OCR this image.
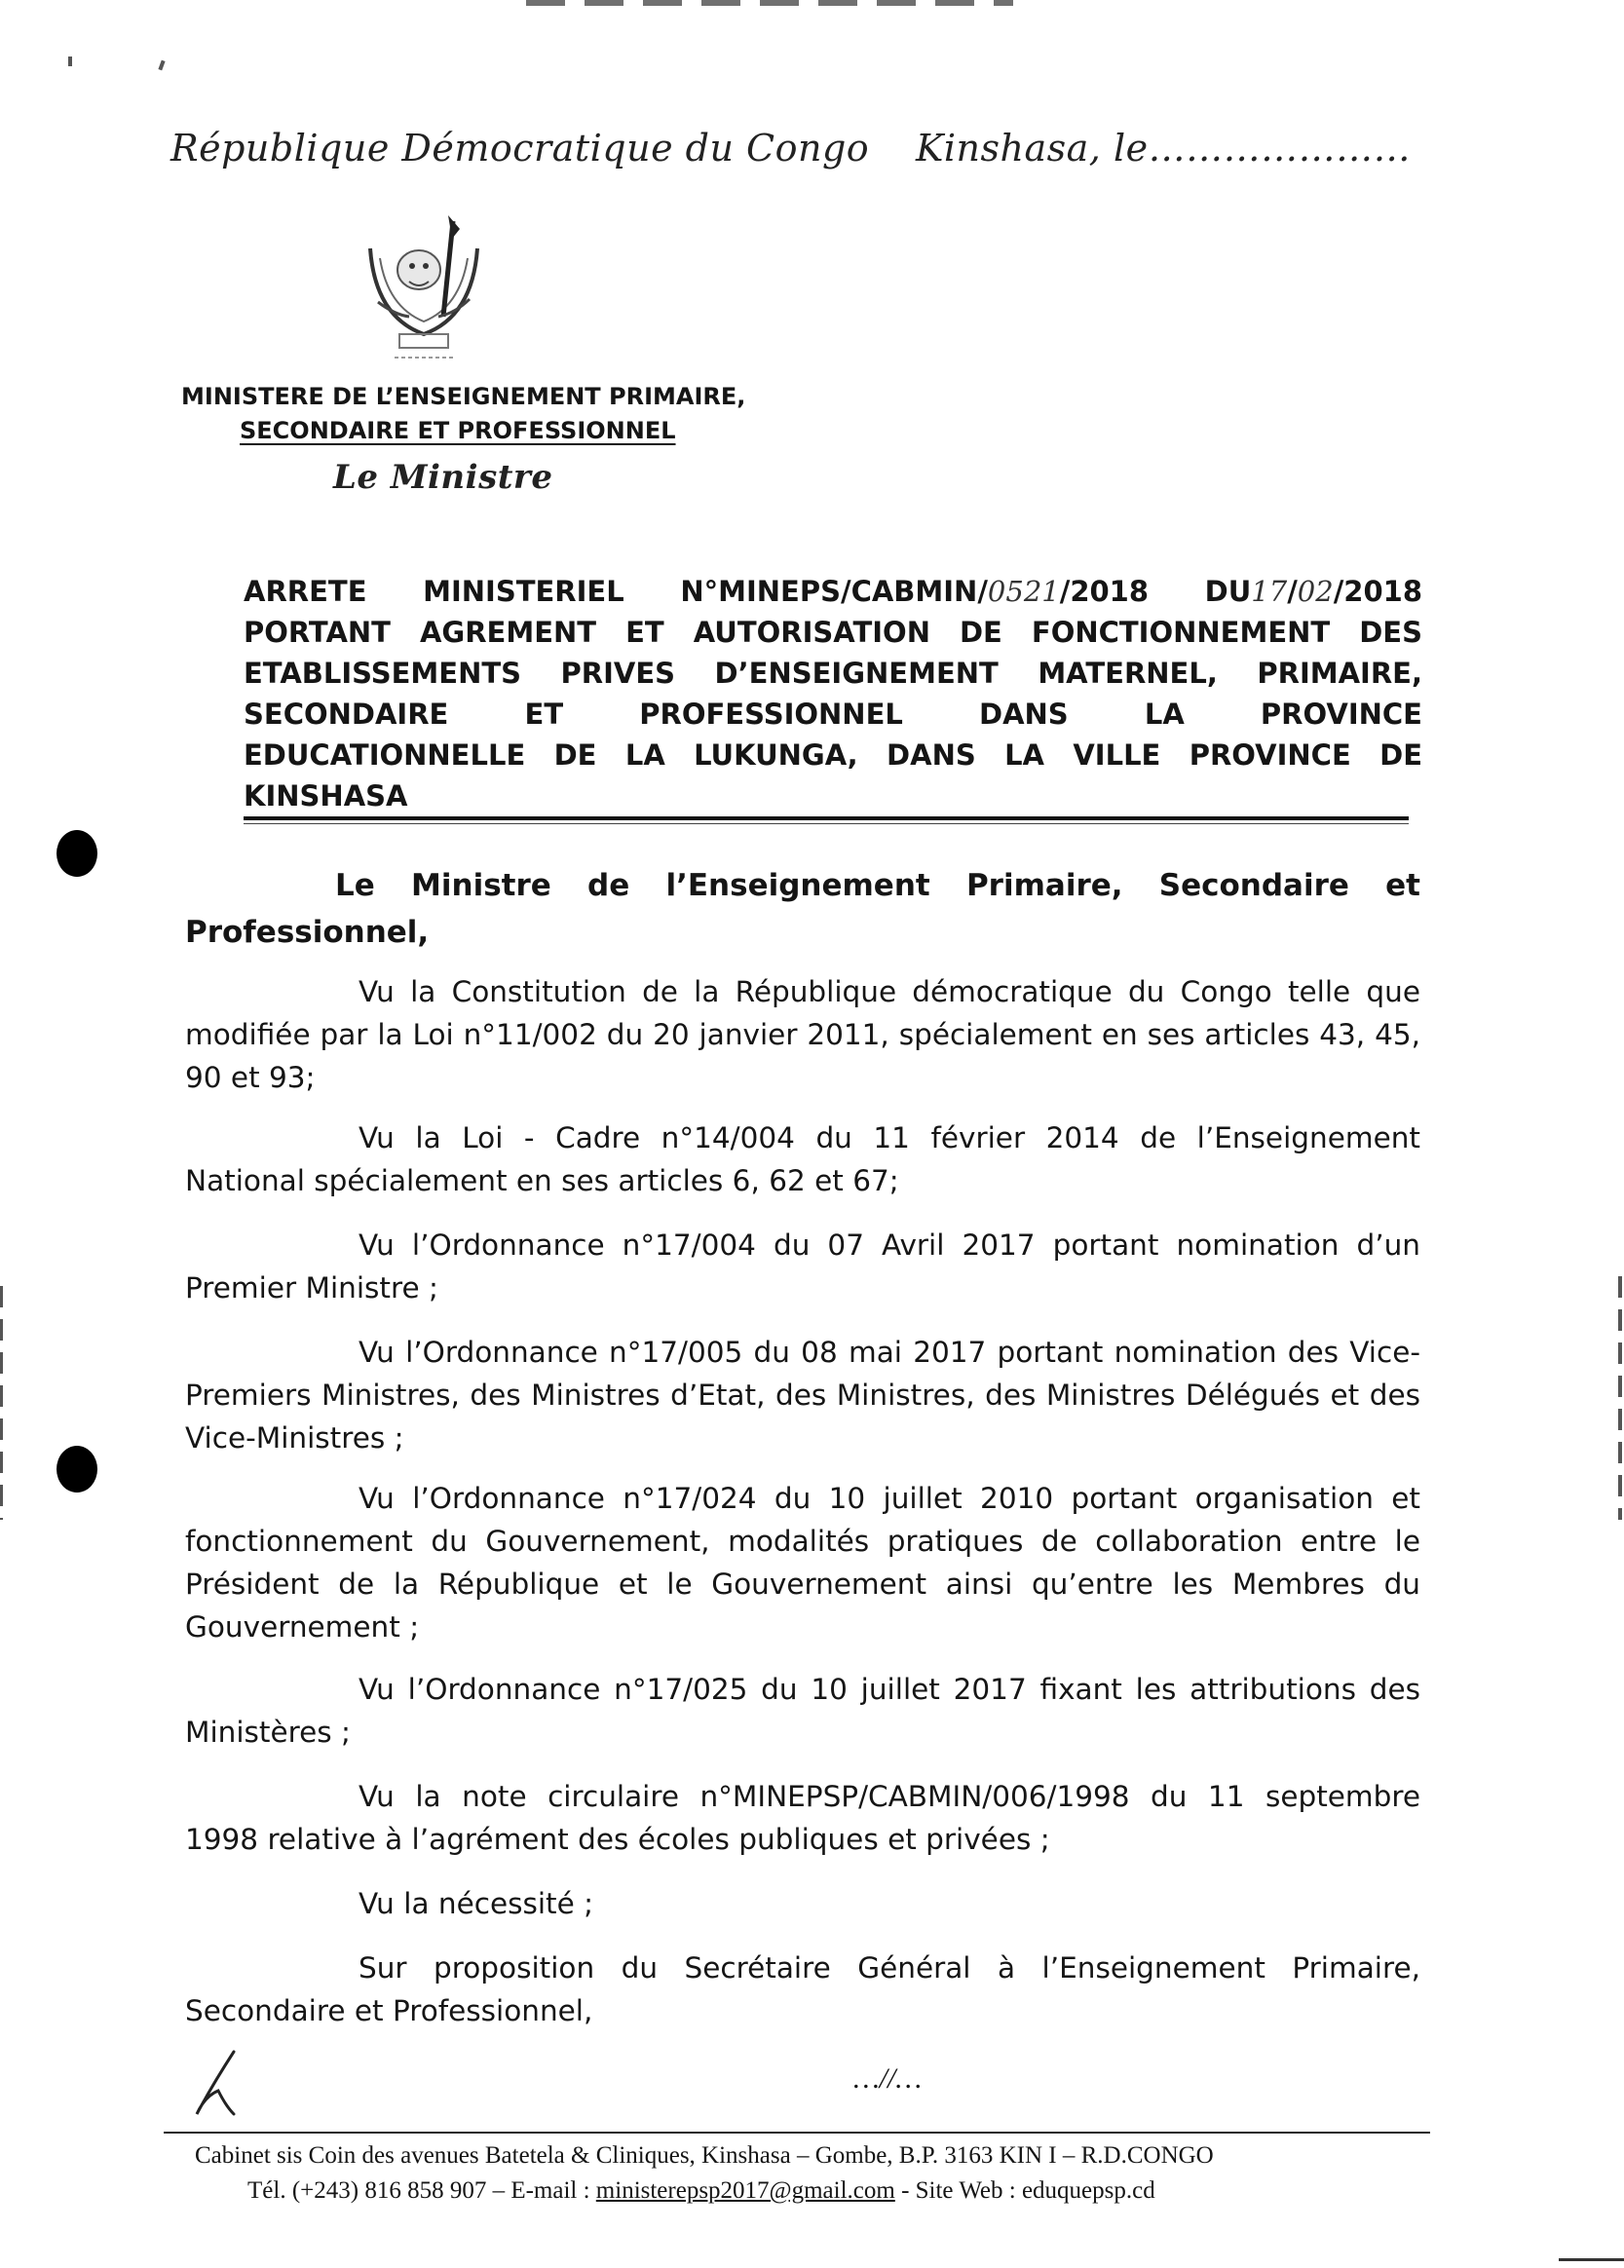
République Démocratique du Congo Kinshasa, le…………………
MINISTERE DE L’ENSEIGNEMENT PRIMAIRE,
SECONDAIRE ET PROFESSIONNEL
Le Ministre
ARRETE MINISTERIEL N°MINEPS/CABMIN/0521/2018 DU17/02/2018
PORTANT AGREMENT ET AUTORISATION DE FONCTIONNEMENT DES
ETABLISSEMENTS PRIVES D’ENSEIGNEMENT MATERNEL, PRIMAIRE,
SECONDAIRE ET PROFESSIONNEL DANS LA PROVINCE
EDUCATIONNELLE DE LA LUKUNGA, DANS LA VILLE PROVINCE DE
KINSHASA
Le Ministre de l’Enseignement Primaire, Secondaire et
Professionnel,
Vu la Constitution de la République démocratique du Congo telle que
modifiée par la Loi n°11/002 du 20 janvier 2011, spécialement en ses articles 43, 45,
90 et 93;
Vu la Loi - Cadre n°14/004 du 11 février 2014 de l’Enseignement
National spécialement en ses articles 6, 62 et 67;
Vu l’Ordonnance n°17/004 du 07 Avril 2017 portant nomination d’un
Premier Ministre ;
Vu l’Ordonnance n°17/005 du 08 mai 2017 portant nomination des Vice-
Premiers Ministres, des Ministres d’Etat, des Ministres, des Ministres Délégués et des
Vice-Ministres ;
Vu l’Ordonnance n°17/024 du 10 juillet 2010 portant organisation et
fonctionnement du Gouvernement, modalités pratiques de collaboration entre le
Président de la République et le Gouvernement ainsi qu’entre les Membres du
Gouvernement ;
Vu l’Ordonnance n°17/025 du 10 juillet 2017 fixant les attributions des
Ministères ;
Vu la note circulaire n°MINEPSP/CABMIN/006/1998 du 11 septembre
1998 relative à l’agrément des écoles publiques et privées ;
Vu la nécessité ;
Sur proposition du Secrétaire Général à l’Enseignement Primaire,
Secondaire et Professionnel,
…//…
Cabinet sis Coin des avenues Batetela & Cliniques, Kinshasa – Gombe, B.P. 3163 KIN I – R.D.CONGO
Tél. (+243) 816 858 907 – E-mail : ministerepsp2017@gmail.com - Site Web : eduquepsp.cd
